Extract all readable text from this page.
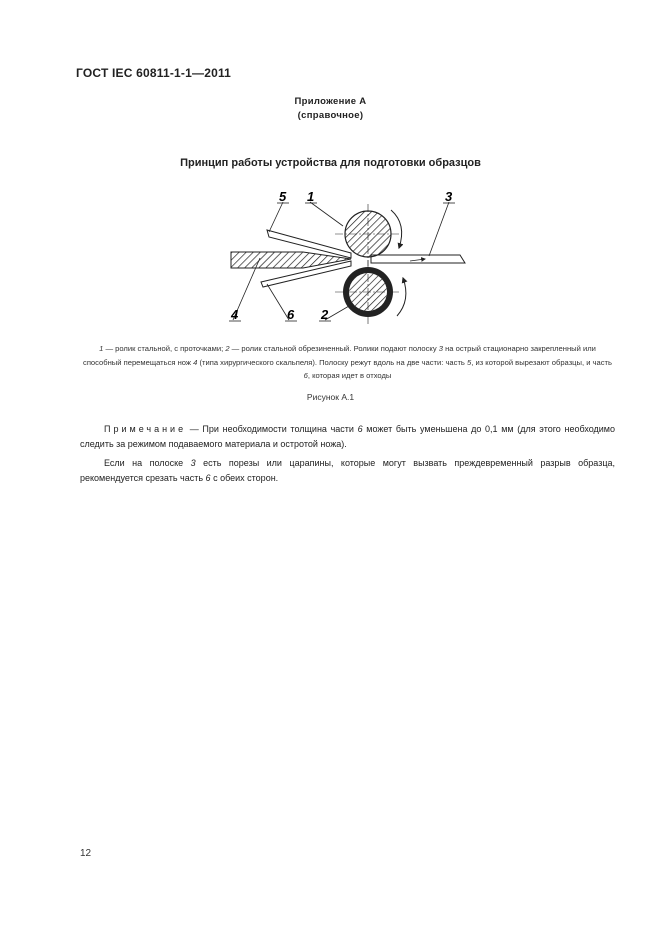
ГОСТ IEC 60811-1-1—2011
Приложение А
(справочное)
Принцип работы устройства для подготовки образцов
5 1	3
4	6 2
1 — ролик стальной, с проточками; 2 — ролик стальной обрезиненный. Ролики подают полоску 3 на острый стационарно закрепленный или способный перемещаться нож 4 (типа хирургического скальпеля). Полоску режут вдоль на две части: часть 5, из которой вырезают образцы, и часть 6, которая идет в отходы
Рисунок А.1
Примечание — При необходимости толщина части 6 может быть уменьшена до 0,1 мм (для этого необходимо следить за режимом подаваемого материала и остротой ножа).
Если на полоске 3 есть порезы или царапины, которые могут вызвать преждевременный разрыв образца, рекомендуется срезать часть 6 с обеих сторон.
12
